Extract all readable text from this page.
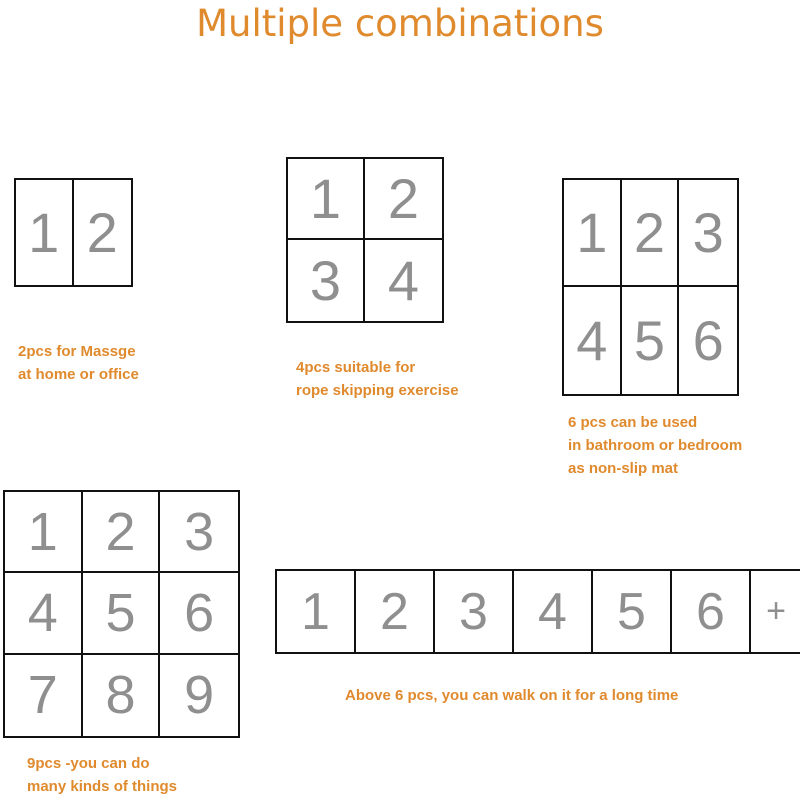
Multiple combinations
1 2
2pcs for Massge
at home or office
1 2
3 4
4pcs suitable for
rope skipping exercise
1 2 3
4 5 6
6 pcs can be used
in bathroom or bedroom
as non-slip mat
1 2 3
4 5 6
7 8 9
9pcs -you can do
many kinds of things
1 2 3 4 5 6	+
Above 6 pcs, you can walk on it for a long time
